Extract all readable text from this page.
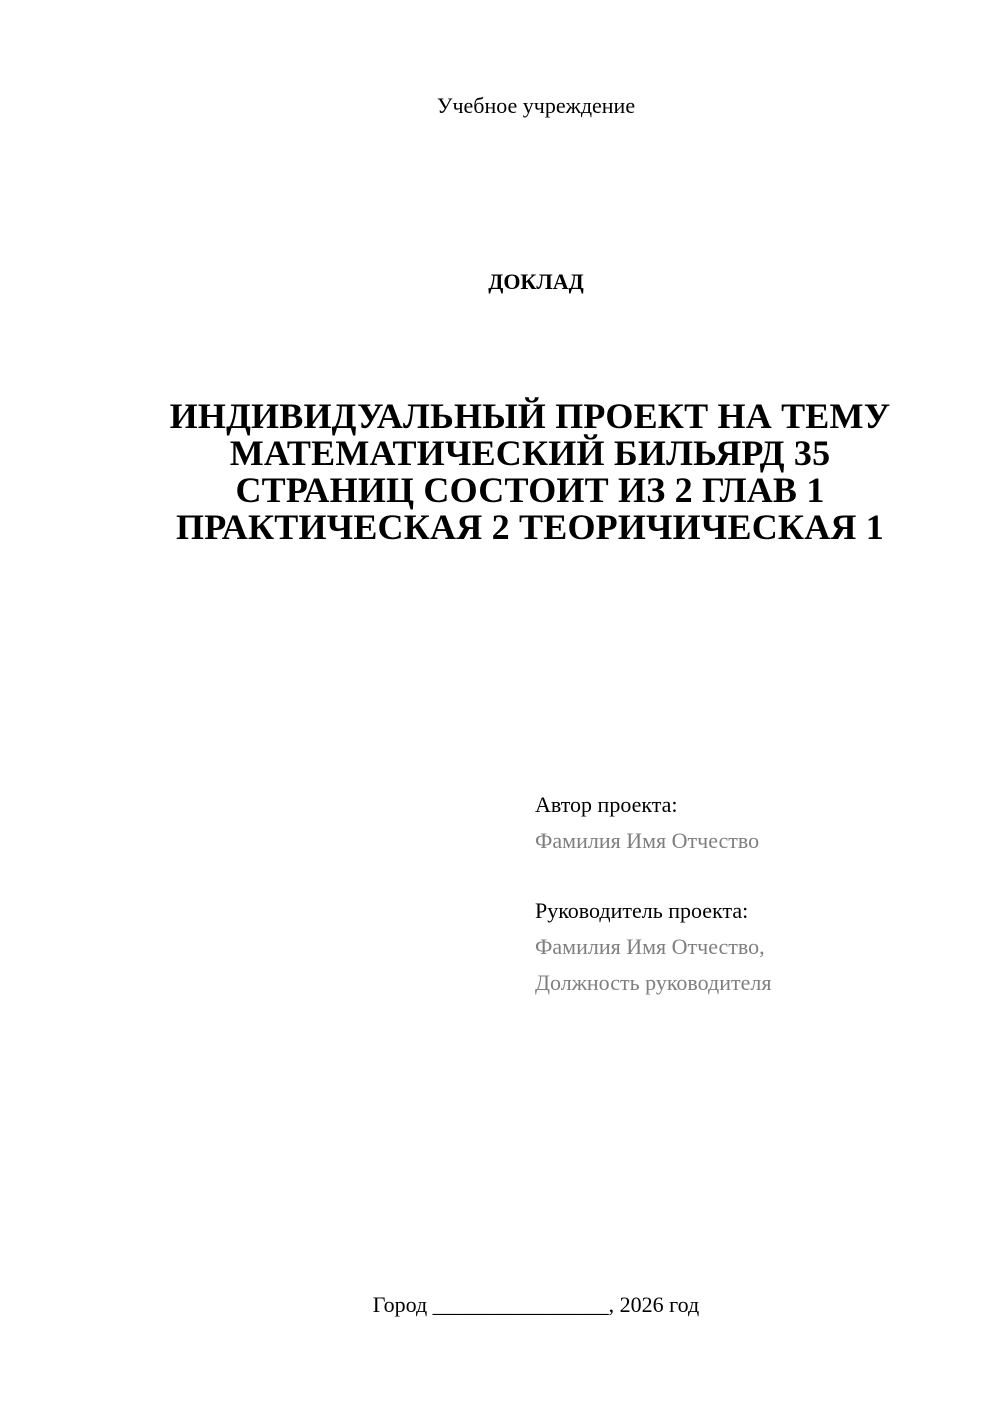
Учебное учреждение
ДОКЛАД
ИНДИВИДУАЛЬНЫЙ ПРОЕКТ НА ТЕМУ
МАТЕМАТИЧЕСКИЙ БИЛЬЯРД 35
СТРАНИЦ СОСТОИТ ИЗ 2 ГЛАВ 1
ПРАКТИЧЕСКАЯ 2 ТЕОРИЧИЧЕСКАЯ 1
Автор проекта:
Фамилия Имя Отчество
Руководитель проекта:
Фамилия Имя Отчество,
Должность руководителя
Город ________________, 2026 год
